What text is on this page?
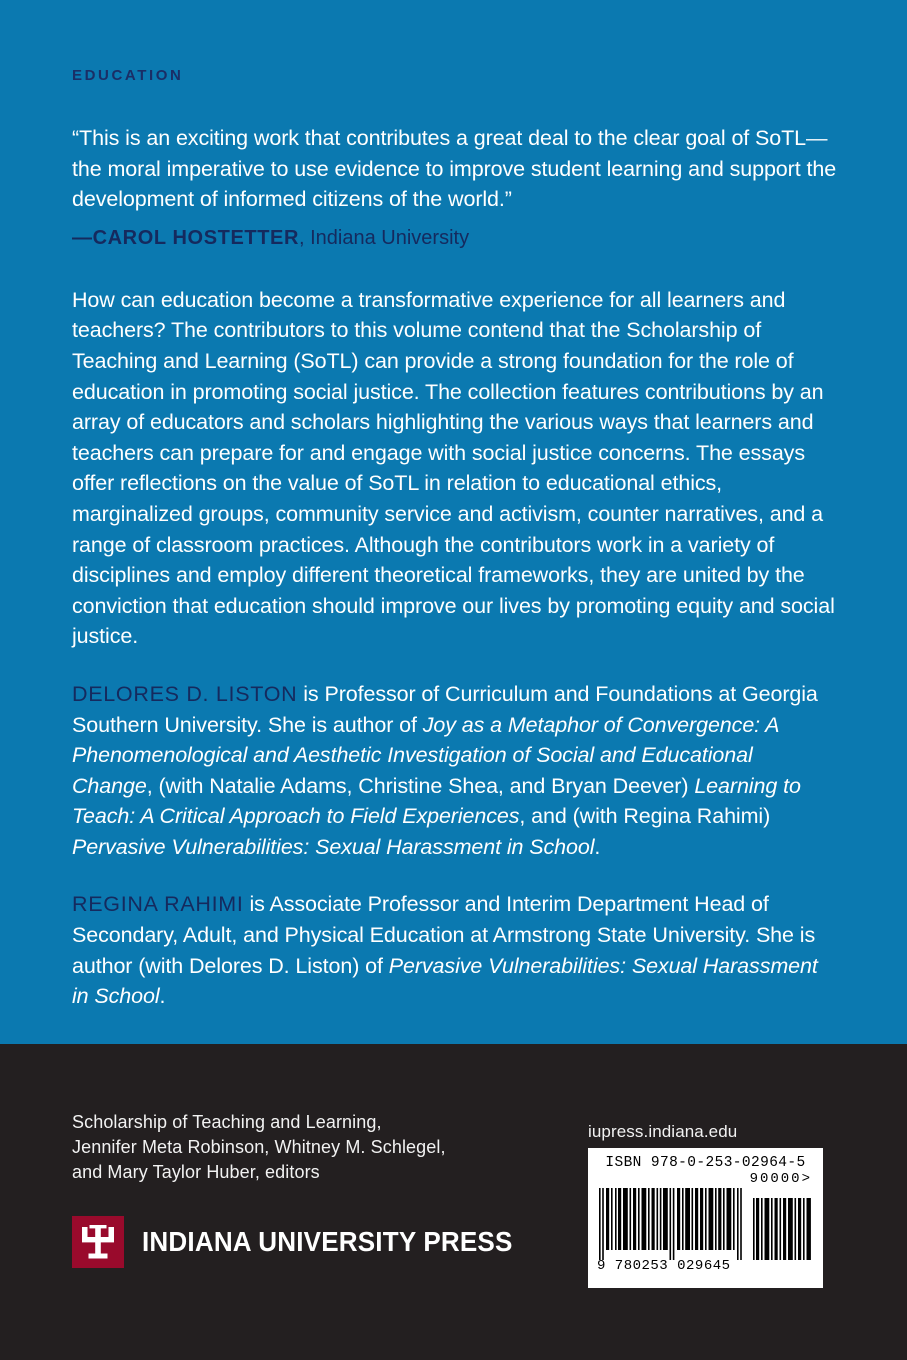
EDUCATION

“This is an exciting work that contributes a great deal to the clear goal of SoTL—the moral imperative to use evidence to improve student learning and support the development of informed citizens of the world.”

—CAROL HOSTETTER, Indiana University

How can education become a transformative experience for all learners and teachers? The contributors to this volume contend that the Scholarship of Teaching and Learning (SoTL) can provide a strong foundation for the role of education in promoting social justice. The collection features contributions by an array of educators and scholars highlighting the various ways that learners and teachers can prepare for and engage with social justice concerns. The essays offer reflections on the value of SoTL in relation to educational ethics, marginalized groups, community service and activism, counter narratives, and a range of classroom practices. Although the contributors work in a variety of disciplines and employ different theoretical frameworks, they are united by the conviction that education should improve our lives by promoting equity and social justice.

DELORES D. LISTON is Professor of Curriculum and Foundations at Georgia Southern University. She is author of Joy as a Metaphor of Convergence: A Phenomenological and Aesthetic Investigation of Social and Educational Change, (with Natalie Adams, Christine Shea, and Bryan Deever) Learning to Teach: A Critical Approach to Field Experiences, and (with Regina Rahimi) Pervasive Vulnerabilities: Sexual Harassment in School.

REGINA RAHIMI is Associate Professor and Interim Department Head of Secondary, Adult, and Physical Education at Armstrong State University. She is author (with Delores D. Liston) of Pervasive Vulnerabilities: Sexual Harassment in School.

Scholarship of Teaching and Learning,
Jennifer Meta Robinson, Whitney M. Schlegel,
and Mary Taylor Huber, editors
INDIANA UNIVERSITY PRESS
iupress.indiana.edu
ISBN 978-0-253-02964-5
90000>
9 780253 029645
